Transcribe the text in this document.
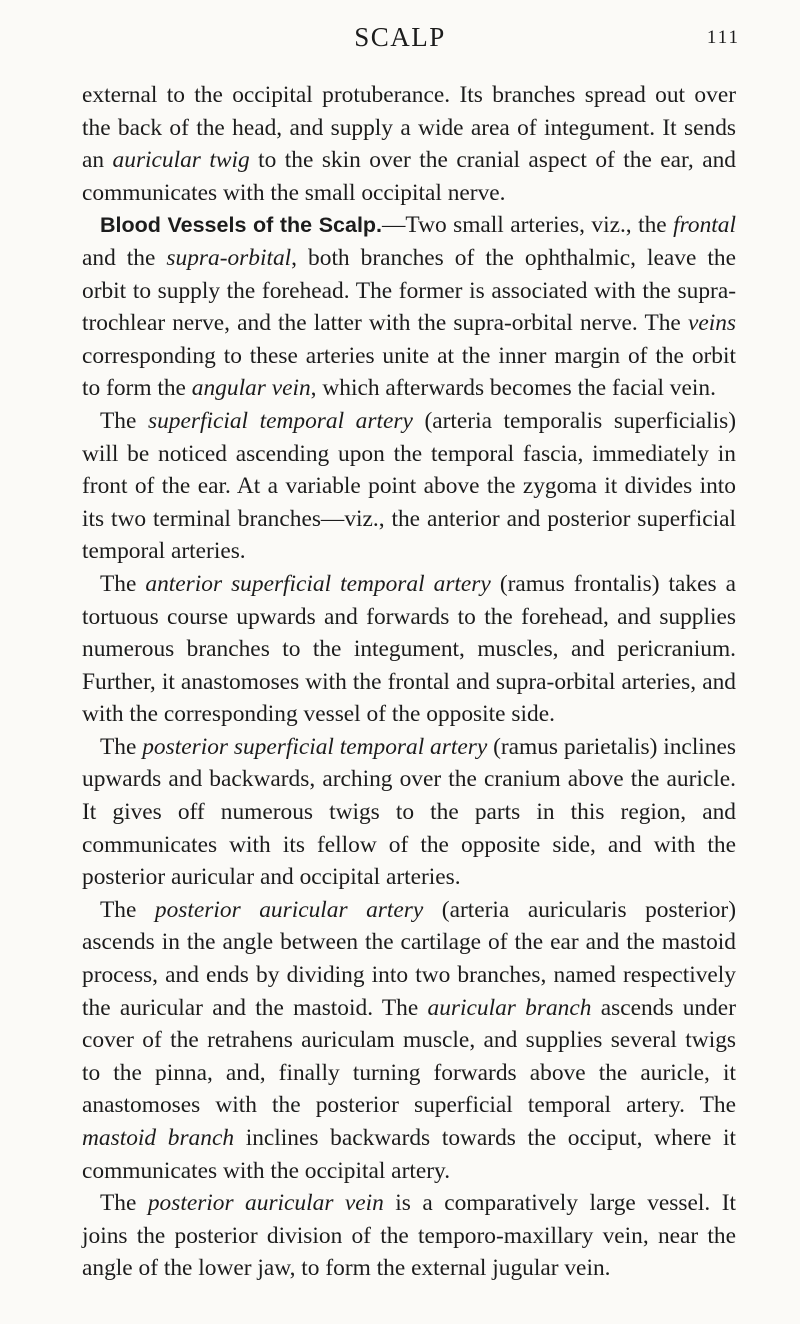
SCALP	111

external to the occipital protuberance. Its branches spread out over the back of the head, and supply a wide area of integument. It sends an auricular twig to the skin over the cranial aspect of the ear, and communicates with the small occipital nerve.

Blood Vessels of the Scalp.—Two small arteries, viz., the frontal and the supra-orbital, both branches of the ophthalmic, leave the orbit to supply the forehead. The former is associated with the supra-trochlear nerve, and the latter with the supra-orbital nerve. The veins corresponding to these arteries unite at the inner margin of the orbit to form the angular vein, which afterwards becomes the facial vein.

The superficial temporal artery (arteria temporalis superficialis) will be noticed ascending upon the temporal fascia, immediately in front of the ear. At a variable point above the zygoma it divides into its two terminal branches—viz., the anterior and posterior superficial temporal arteries.

The anterior superficial temporal artery (ramus frontalis) takes a tortuous course upwards and forwards to the forehead, and supplies numerous branches to the integument, muscles, and pericranium. Further, it anastomoses with the frontal and supra-orbital arteries, and with the corresponding vessel of the opposite side.

The posterior superficial temporal artery (ramus parietalis) inclines upwards and backwards, arching over the cranium above the auricle. It gives off numerous twigs to the parts in this region, and communicates with its fellow of the opposite side, and with the posterior auricular and occipital arteries.

The posterior auricular artery (arteria auricularis posterior) ascends in the angle between the cartilage of the ear and the mastoid process, and ends by dividing into two branches, named respectively the auricular and the mastoid. The auricular branch ascends under cover of the retrahens auriculam muscle, and supplies several twigs to the pinna, and, finally turning forwards above the auricle, it anastomoses with the posterior superficial temporal artery. The mastoid branch inclines backwards towards the occiput, where it communicates with the occipital artery.

The posterior auricular vein is a comparatively large vessel. It joins the posterior division of the temporo-maxillary vein, near the angle of the lower jaw, to form the external jugular vein.
